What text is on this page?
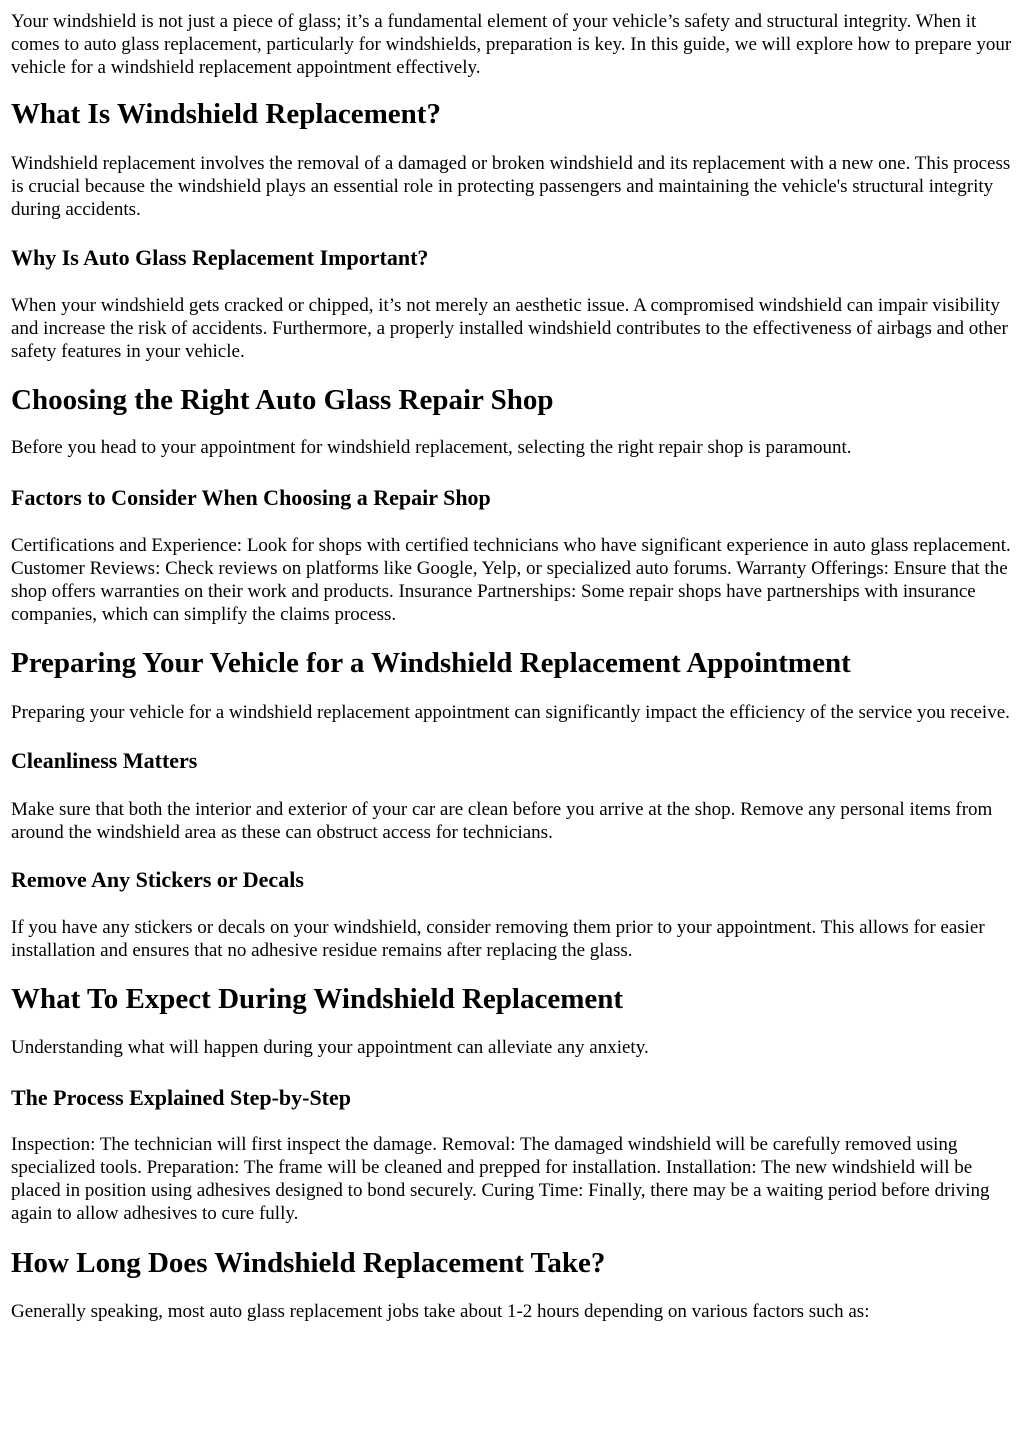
Your windshield is not just a piece of glass; it’s a fundamental element of your vehicle’s safety and structural integrity. When it comes to auto glass replacement, particularly for windshields, preparation is key. In this guide, we will explore how to prepare your vehicle for a windshield replacement appointment effectively.

What Is Windshield Replacement?

Windshield replacement involves the removal of a damaged or broken windshield and its replacement with a new one. This process is crucial because the windshield plays an essential role in protecting passengers and maintaining the vehicle's structural integrity during accidents.

Why Is Auto Glass Replacement Important?

When your windshield gets cracked or chipped, it’s not merely an aesthetic issue. A compromised windshield can impair visibility and increase the risk of accidents. Furthermore, a properly installed windshield contributes to the effectiveness of airbags and other safety features in your vehicle.

Choosing the Right Auto Glass Repair Shop

Before you head to your appointment for windshield replacement, selecting the right repair shop is paramount.

Factors to Consider When Choosing a Repair Shop

Certifications and Experience: Look for shops with certified technicians who have significant experience in auto glass replacement. Customer Reviews: Check reviews on platforms like Google, Yelp, or specialized auto forums. Warranty Offerings: Ensure that the shop offers warranties on their work and products. Insurance Partnerships: Some repair shops have partnerships with insurance companies, which can simplify the claims process.

Preparing Your Vehicle for a Windshield Replacement Appointment

Preparing your vehicle for a windshield replacement appointment can significantly impact the efficiency of the service you receive.

Cleanliness Matters

Make sure that both the interior and exterior of your car are clean before you arrive at the shop. Remove any personal items from around the windshield area as these can obstruct access for technicians.

Remove Any Stickers or Decals

If you have any stickers or decals on your windshield, consider removing them prior to your appointment. This allows for easier installation and ensures that no adhesive residue remains after replacing the glass.

What To Expect During Windshield Replacement

Understanding what will happen during your appointment can alleviate any anxiety.

The Process Explained Step-by-Step

Inspection: The technician will first inspect the damage. Removal: The damaged windshield will be carefully removed using specialized tools. Preparation: The frame will be cleaned and prepped for installation. Installation: The new windshield will be placed in position using adhesives designed to bond securely. Curing Time: Finally, there may be a waiting period before driving again to allow adhesives to cure fully.

How Long Does Windshield Replacement Take?

Generally speaking, most auto glass replacement jobs take about 1-2 hours depending on various factors such as:
